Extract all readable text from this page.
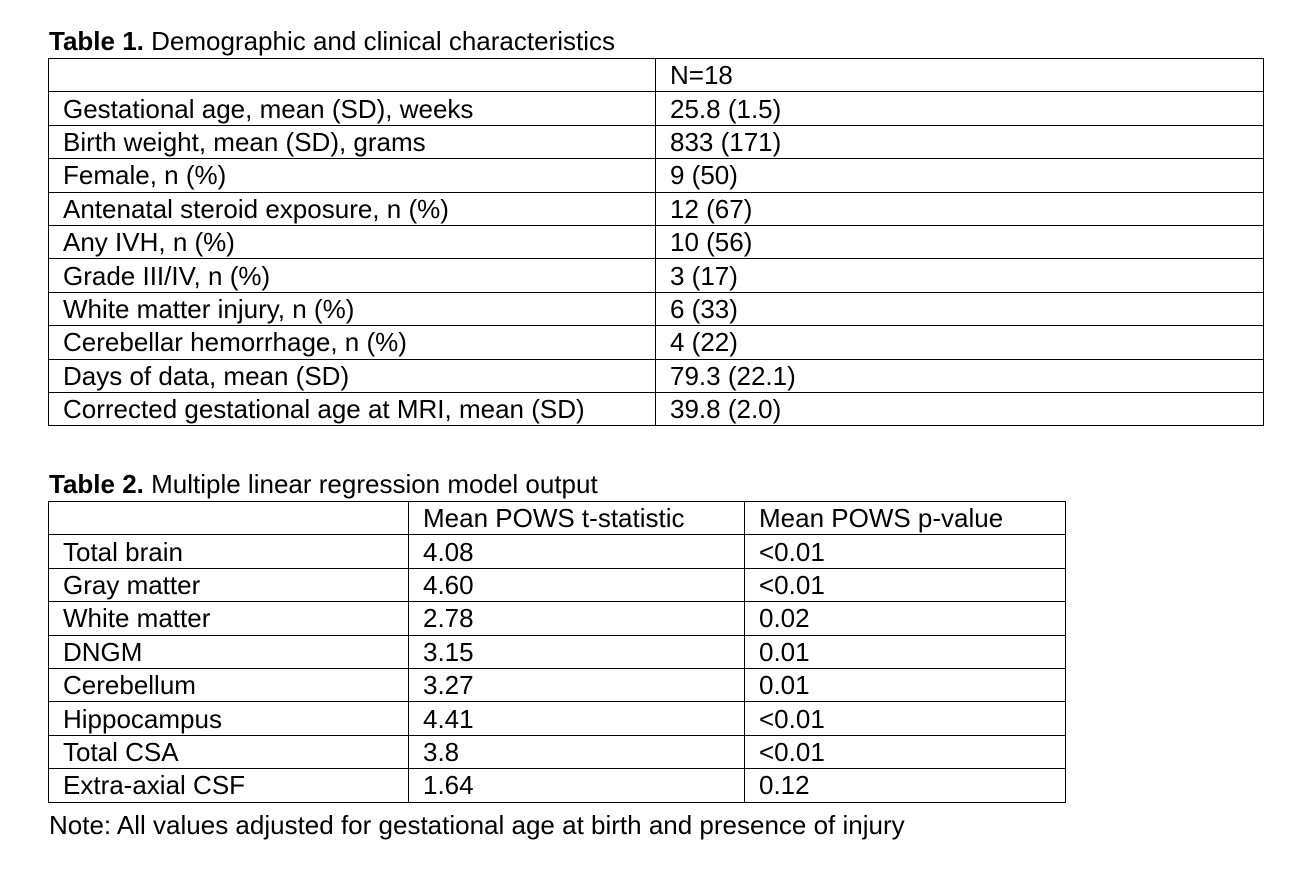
Table 1. Demographic and clinical characteristics
	N=18
Gestational age, mean (SD), weeks	25.8 (1.5)
Birth weight, mean (SD), grams	833 (171)
Female, n (%)	9 (50)
Antenatal steroid exposure, n (%)	12 (67)
Any IVH, n (%)	10 (56)
Grade III/IV, n (%)	3 (17)
White matter injury, n (%)	6 (33)
Cerebellar hemorrhage, n (%)	4 (22)
Days of data, mean (SD)	79.3 (22.1)
Corrected gestational age at MRI, mean (SD)	39.8 (2.0)
Table 2. Multiple linear regression model output
	Mean POWS t-statistic	Mean POWS p-value
Total brain	4.08	<0.01
Gray matter	4.60	<0.01
White matter	2.78	0.02
DNGM	3.15	0.01
Cerebellum	3.27	0.01
Hippocampus	4.41	<0.01
Total CSA	3.8	<0.01
Extra-axial CSF	1.64	0.12
Note: All values adjusted for gestational age at birth and presence of injury
